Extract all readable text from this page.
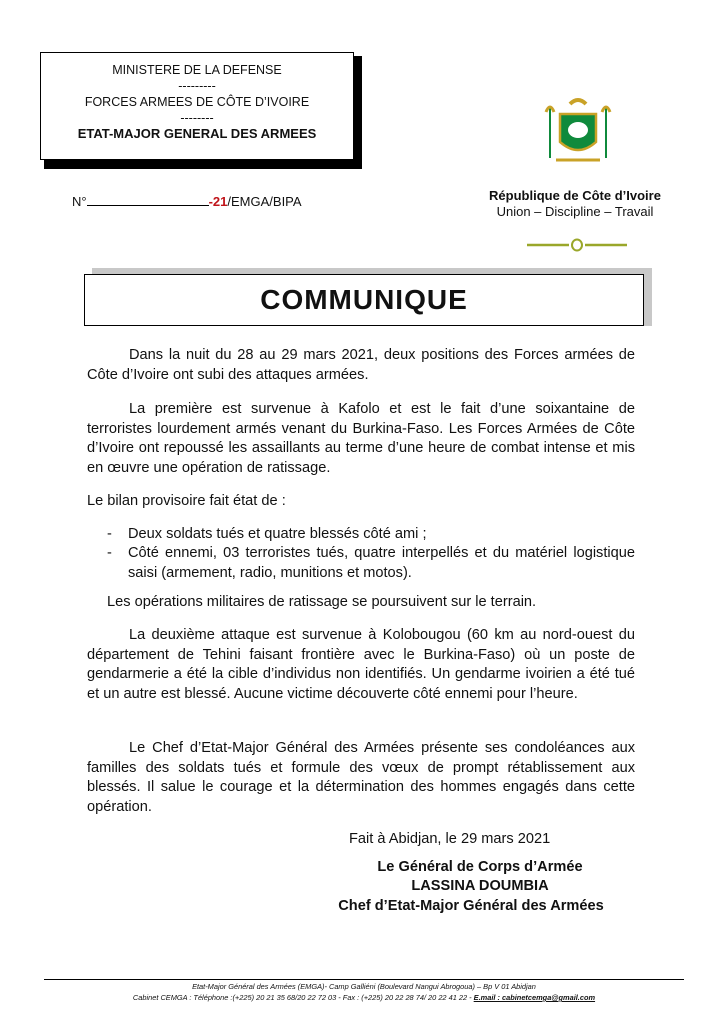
MINISTERE DE LA DEFENSE
---------
FORCES ARMEES DE CÔTE D’IVOIRE
--------
ETAT-MAJOR GENERAL DES ARMEES
N°	-21/EMGA/BIPA	République de Côte d’Ivoire
Union – Discipline – Travail
COMMUNIQUE
Dans la nuit du 28 au 29 mars 2021, deux positions des Forces armées de Côte d’Ivoire ont subi des attaques armées.
La première est survenue à Kafolo et est le fait d’une soixantaine de terroristes lourdement armés venant du Burkina-Faso. Les Forces Armées de Côte d’Ivoire ont repoussé les assaillants au terme d’une heure de combat intense et mis en œuvre une opération de ratissage.
Le bilan provisoire fait état de :
- Deux soldats tués et quatre blessés côté ami ;
- Côté ennemi, 03 terroristes tués, quatre interpellés et du matériel logistique saisi (armement, radio, munitions et motos).
Les opérations militaires de ratissage se poursuivent sur le terrain.
La deuxième attaque est survenue à Kolobougou (60 km au nord-ouest du département de Tehini faisant frontière avec le Burkina-Faso) où un poste de gendarmerie a été la cible d’individus non identifiés. Un gendarme ivoirien a été tué et un autre est blessé. Aucune victime découverte côté ennemi pour l’heure.
Le Chef d’Etat-Major Général des Armées présente ses condoléances aux familles des soldats tués et formule des vœux de prompt rétablissement aux blessés. Il salue le courage et la détermination des hommes engagés dans cette opération.
Fait à Abidjan, le 29 mars 2021
Le Général de Corps d’Armée
LASSINA DOUMBIA
Chef d’Etat-Major Général des Armées
Etat-Major Général des Armées (EMGA)- Camp Galliéni (Boulevard Nangui Abrogoua) – Bp V 01 Abidjan
Cabinet CEMGA : Téléphone :(+225) 20 21 35 68/20 22 72 03 - Fax : (+225) 20 22 28 74/ 20 22 41 22 - E.mail : cabinetcemga@gmail.com
